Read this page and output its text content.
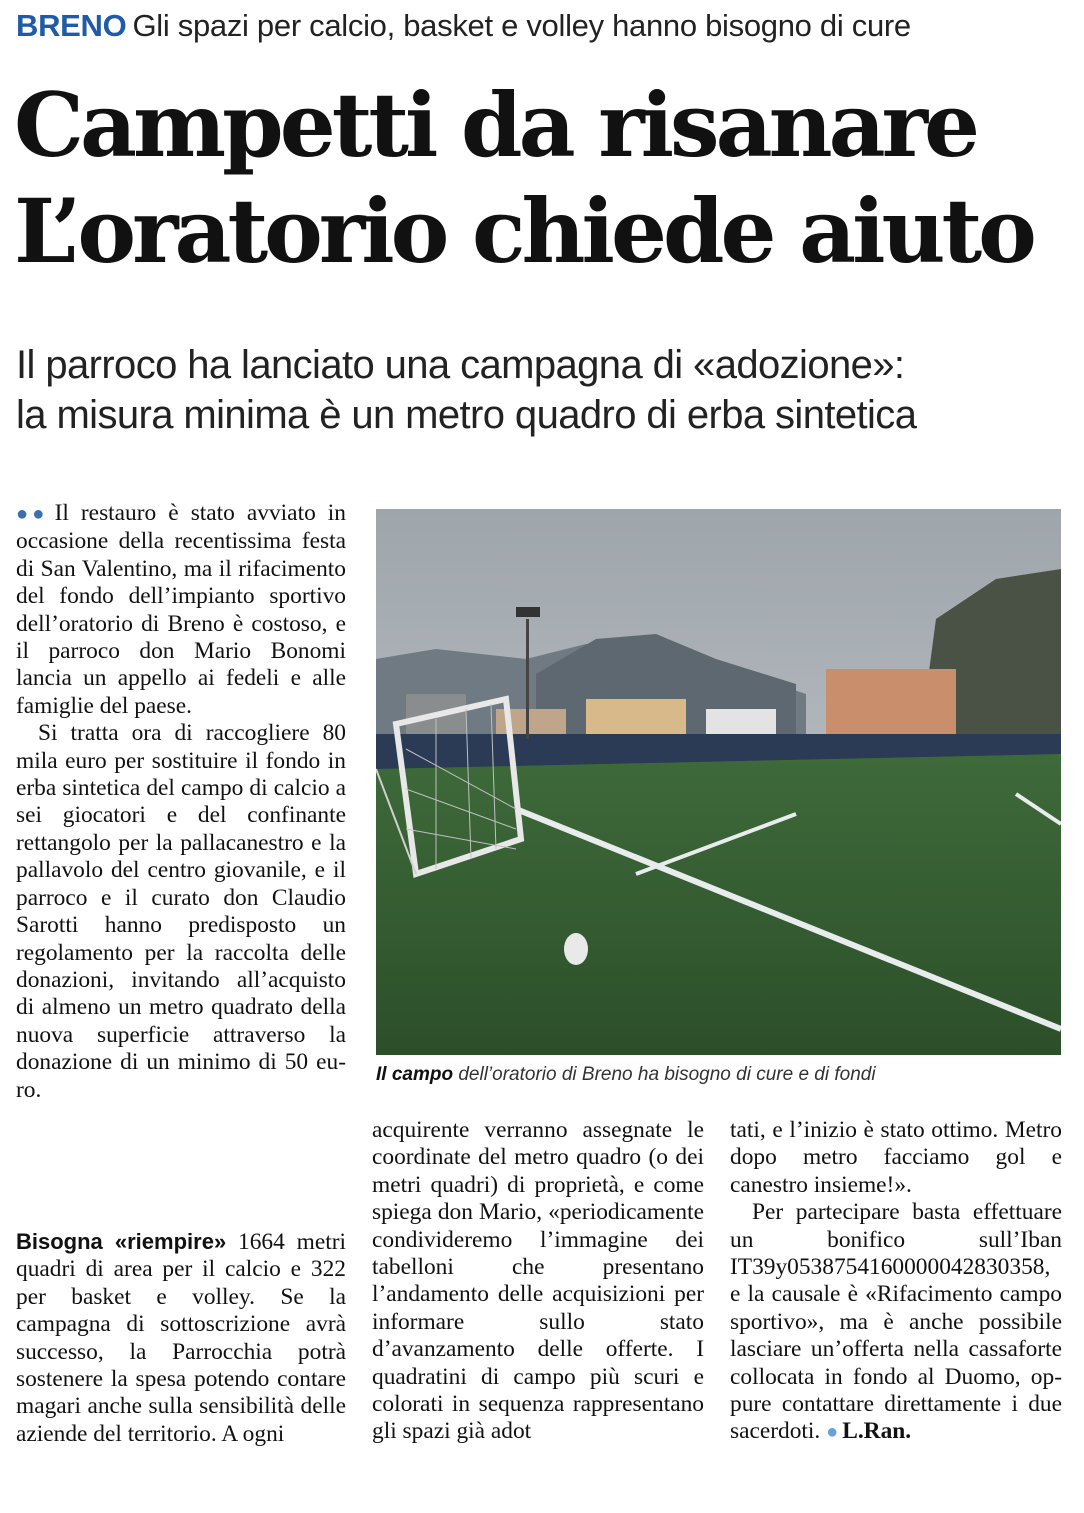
BRENO Gli spazi per calcio, basket e volley hanno bisogno di cure
Campetti da risanare
L’oratorio chiede aiuto
Il parroco ha lanciato una campagna di «adozione»:
la misura minima è un metro quadro di erba sintetica
Il campo dell’oratorio di Breno ha bisogno di cure e di fondi

●● Il restauro è stato avviato in occasione della recentissima festa di San Valentino, ma il rifacimento del fondo dell’impianto sportivo dell’oratorio di Breno è costoso, e il parroco don Mario Bonomi lancia un appello ai fedeli e alle famiglie del paese.

Si tratta ora di raccogliere 80 mila euro per sostituire il fondo in erba sintetica del campo di calcio a sei giocatori e del confinante rettangolo per la pallacanestro e la pallavolo del centro giovanile, e il parroco e il curato don Claudio Sarotti hanno predisposto un regolamento per la raccolta delle donazioni, invitando all’acquisto di almeno un metro quadrato della nuova superficie attraverso la donazione di un minimo di 50 euro.

Bisogna «riempire» 1664 metri quadri di area per il calcio e 322 per basket e volley. Se la campagna di sottoscrizione avrà successo, la Parrocchia potrà sostenere la spesa potendo contare magari anche sulla sensibilità delle aziende del territorio. A ogni

acquirente verranno assegnate le coordinate del metro quadro (o dei metri quadri) di proprietà, e come spiega don Mario, «periodicamente condivideremo l’immagine dei tabelloni che presentano l’andamento delle acquisizioni per informare sullo stato d’avanzamento delle offerte. I quadratini di campo più scuri e colorati in sequenza rappresentano gli spazi già adot

tati, e l’inizio è stato ottimo. Metro dopo metro facciamo gol e canestro insieme!».

Per partecipare basta effettuare un bonifico sull’Iban IT39y0538754160000042830358, e la causale è «Rifacimento campo sportivo», ma è anche possibile lasciare un’offerta nella cassaforte collocata in fondo al Duomo, oppure contattare direttamente i due sacerdoti. ● L.Ran.
